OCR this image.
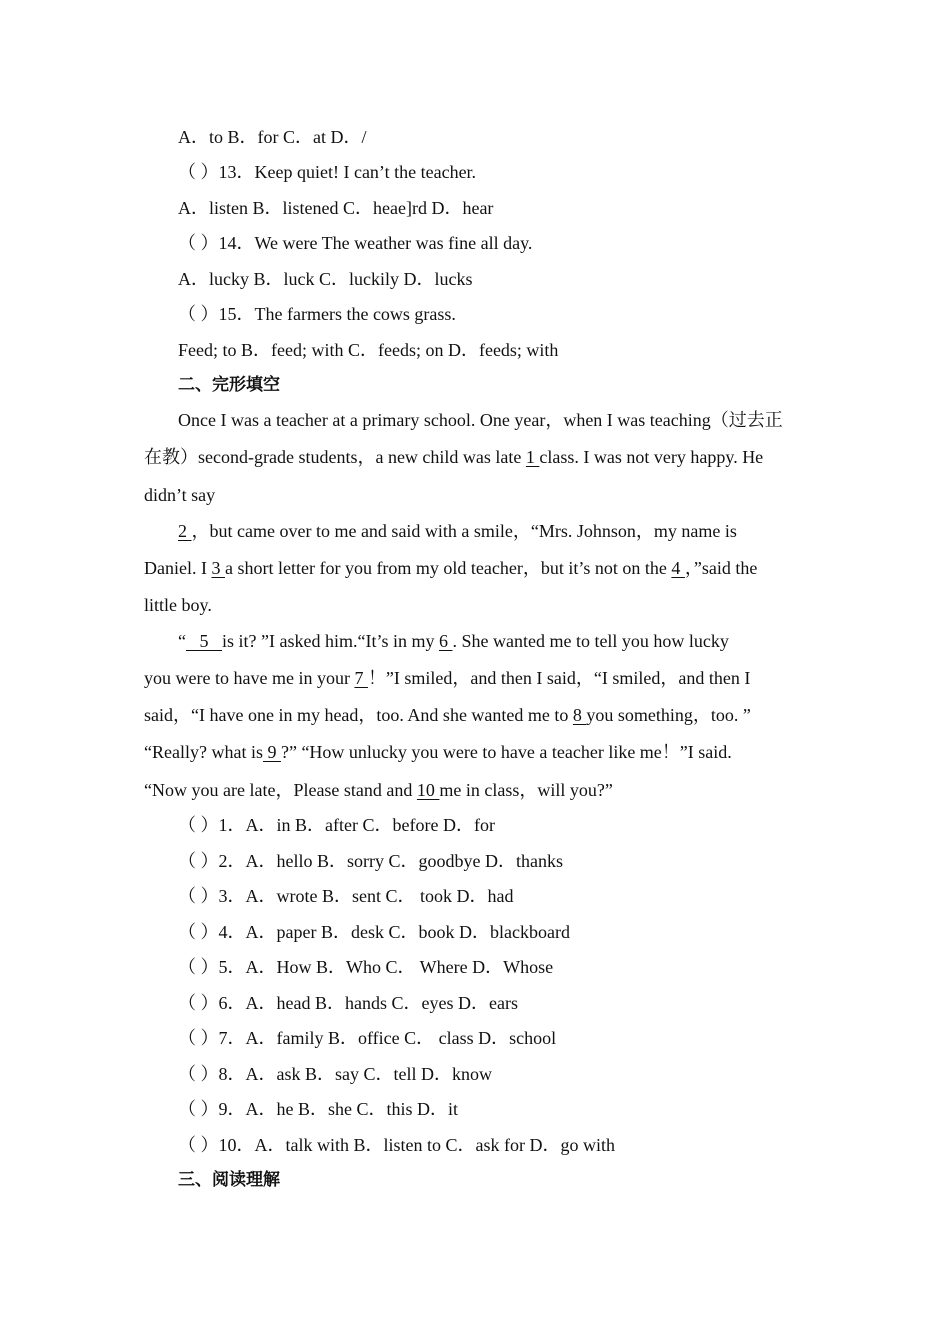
A．to B．for C．at D．/
（ ）13．Keep quiet! I can’t the teacher.
A．listen B．listened C．heae]rd D．hear
（ ）14．We were The weather was fine all day.
A．lucky B．luck C．luckily D．lucks
（ ）15．The farmers the cows grass.
Feed; to B．feed; with C．feeds; on D．feeds; with
二、完形填空
Once I was a teacher at a primary school. One year，when I was teaching（过去正
在教）second-grade students，a new child was late 1 class. I was not very happy. He
didn’t say
2 ，but came over to me and said with a smile，“Mrs. Johnson，my name is
Daniel. I 3 a short letter for you from my old teacher，but it’s not on the 4 ，”said the
little boy.
“   5   is it? ”I asked him.“It’s in my 6 . She wanted me to tell you how lucky
you were to have me in your 7 ！”I smiled，and then I said，“I smiled，and then I
said，“I have one in my head，too. And she wanted me to 8 you something，too. ”
“Really? what is 9 ?” “How unlucky you were to have a teacher like me！”I said.
“Now you are late，Please stand and 10 me in class，will you?”
（ ）1．A．in B．after C．before D．for
（ ）2．A．hello B．sorry C．goodbye D．thanks
（ ）3．A．wrote B．sent C． took D．had
（ ）4．A．paper B．desk C．book D．blackboard
（ ）5．A．How B．Who C． Where D．Whose
（ ）6．A．head B．hands C．eyes D．ears
（ ）7．A．family B．office C． class D．school
（ ）8．A．ask B．say C．tell D．know
（ ）9．A．he B．she C．this D．it
（ ）10．A．talk with B．listen to C．ask for D．go with
三、阅读理解
